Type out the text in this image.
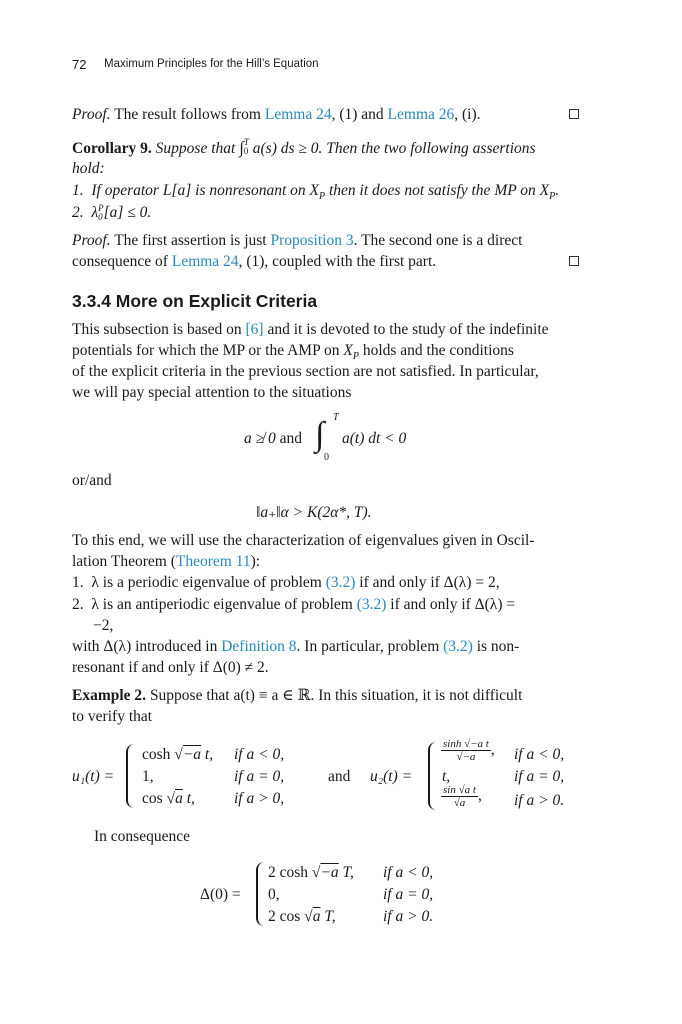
72 Maximum Principles for the Hill’s Equation
Proof. The result follows from Lemma 24, (1) and Lemma 26, (i).
Corollary 9. Suppose that ∫ T
0 a(s) ds ≥ 0. Then the two following assertions
hold:
1. If operator L[a] is nonresonant on $X_P$ then it does not satisfy the MP on $X_P$.
2. λ P
0 [a] ≤ 0.
Proof. The first assertion is just Proposition 3. The second one is a direct
consequence of Lemma 24, (1), coupled with the first part.
3.3.4 More on Explicit Criteria
This subsection is based on [6] and it is devoted to the study of the indefinite
potentials for which the MP or the AMP on $X_P$ holds and the conditions
of the explicit criteria in the previous section are not satisfied. In particular,
we will pay special attention to the situations
a ≱ 0 and ∫ T
0
a(t) dt < 0
or/and
‖a₊‖α > K(2α*, T).
To this end, we will use the characterization of eigenvalues given in Oscil-
lation Theorem (Theorem 11):
1. λ is a periodic eigenvalue of problem (3.2) if and only if Δ(λ) = 2,
2. λ is an antiperiodic eigenvalue of problem (3.2) if and only if Δ(λ) =
−2,
with Δ(λ) introduced in Definition 8. In particular, problem (3.2) is non-
resonant if and only if Δ(0) ≠ 2.
Example 2. Suppose that a(t) ≡ a ∈ ℝ. In this situation, it is not difficult
to verify that
u₁(t) =
cosh √−a t,
1,
cos √a t,
if a < 0,
if a = 0,
if a > 0,
and u₂(t) =
$\frac{\text{sinh √−a t}}{√-a}$ ,
t,
$\frac{\text{sin √a t}}{√a}$ ,
if a < 0,
if a = 0,
if a > 0.
In consequence
Δ(0) =
2 cosh √−a T,
0,
2 cos √a T,
if a < 0,
if a = 0,
if a > 0.
